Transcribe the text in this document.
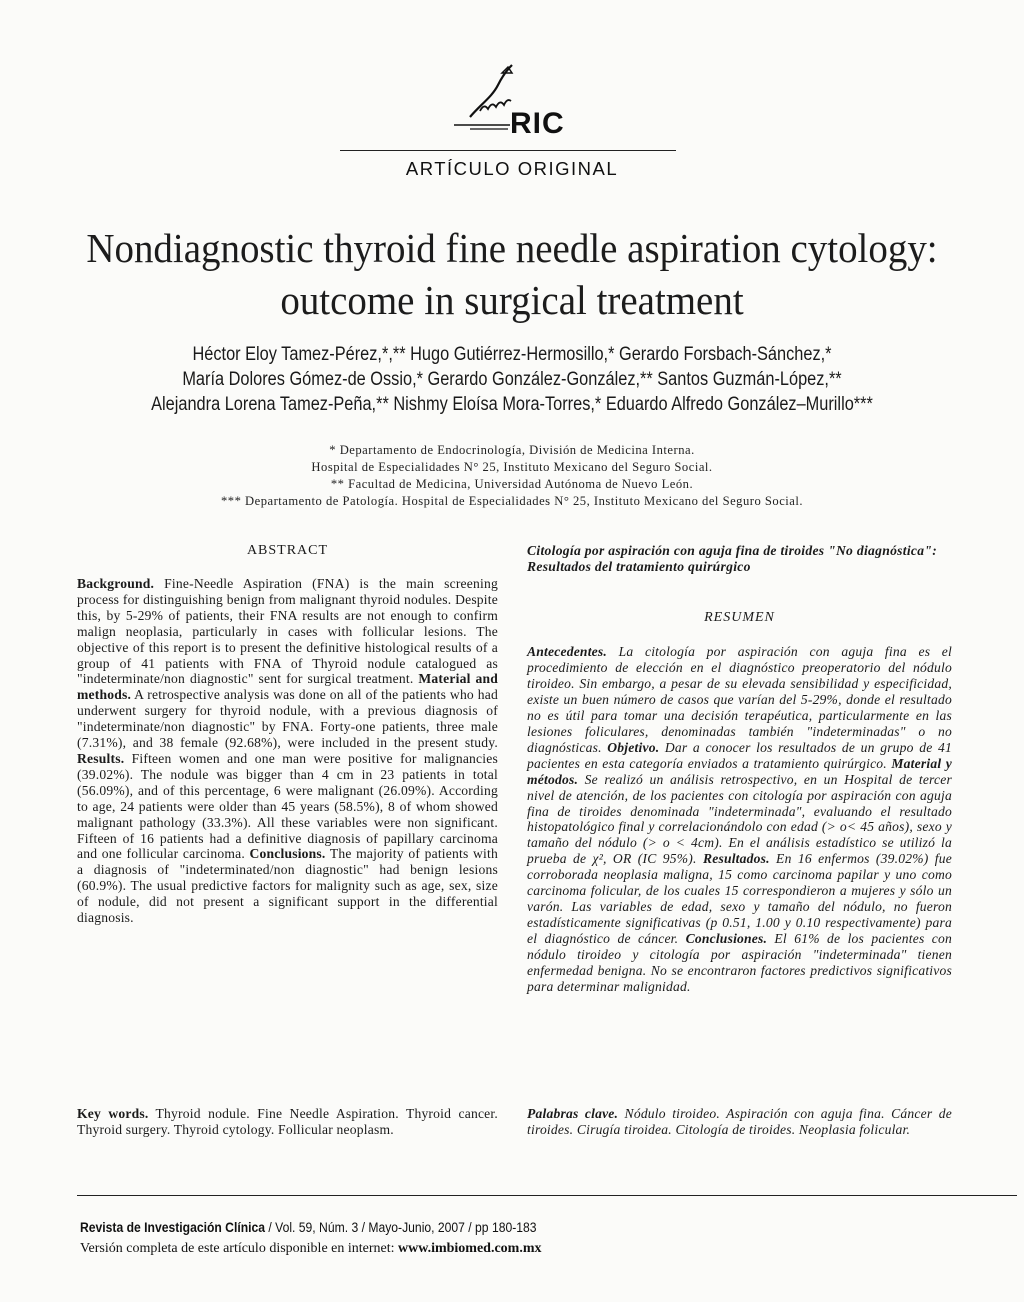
RIC
ARTÍCULO ORIGINAL
Nondiagnostic thyroid fine needle aspiration cytology:
outcome in surgical treatment
Héctor Eloy Tamez-Pérez,*,** Hugo Gutiérrez-Hermosillo,* Gerardo Forsbach-Sánchez,*
María Dolores Gómez-de Ossio,* Gerardo González-González,** Santos Guzmán-López,**
Alejandra Lorena Tamez-Peña,** Nishmy Eloísa Mora-Torres,* Eduardo Alfredo González–Murillo***
* Departamento de Endocrinología, División de Medicina Interna.
Hospital de Especialidades N° 25, Instituto Mexicano del Seguro Social.
** Facultad de Medicina, Universidad Autónoma de Nuevo León.
*** Departamento de Patología. Hospital de Especialidades N° 25, Instituto Mexicano del Seguro Social.
ABSTRACT
Background. Fine-Needle Aspiration (FNA) is the main screening process for distinguishing benign from malignant thyroid nodules. Despite this, by 5-29% of patients, their FNA results are not enough to confirm malign neoplasia, particularly in cases with follicular lesions. The objective of this report is to present the definitive histological results of a group of 41 patients with FNA of Thyroid nodule catalogued as "indeterminate/non diagnostic" sent for surgical treatment. Material and methods. A retrospective analysis was done on all of the patients who had underwent surgery for thyroid nodule, with a previous diagnosis of "indeterminate/non diagnostic" by FNA. Forty-one patients, three male (7.31%), and 38 female (92.68%), were included in the present study. Results. Fifteen women and one man were positive for malignancies (39.02%). The nodule was bigger than 4 cm in 23 patients in total (56.09%), and of this percentage, 6 were malignant (26.09%). According to age, 24 patients were older than 45 years (58.5%), 8 of whom showed malignant pathology (33.3%). All these variables were non significant. Fifteen of 16 patients had a definitive diagnosis of papillary carcinoma and one follicular carcinoma. Conclusions. The majority of patients with a diagnosis of "indeterminated/non diagnostic" had benign lesions (60.9%). The usual predictive factors for malignity such as age, sex, size of nodule, did not present a significant support in the differential diagnosis.
Citología por aspiración con aguja fina de tiroides "No diagnóstica": Resultados del tratamiento quirúrgico
RESUMEN
Antecedentes. La citología por aspiración con aguja fina es el procedimiento de elección en el diagnóstico preoperatorio del nódulo tiroideo. Sin embargo, a pesar de su elevada sensibilidad y especificidad, existe un buen número de casos que varían del 5-29%, donde el resultado no es útil para tomar una decisión terapéutica, particularmente en las lesiones foliculares, denominadas también "indeterminadas" o no diagnósticas. Objetivo. Dar a conocer los resultados de un grupo de 41 pacientes en esta categoría enviados a tratamiento quirúrgico. Material y métodos. Se realizó un análisis retrospectivo, en un Hospital de tercer nivel de atención, de los pacientes con citología por aspiración con aguja fina de tiroides denominada "indeterminada", evaluando el resultado histopatológico final y correlacionándolo con edad (> o< 45 años), sexo y tamaño del nódulo (> o < 4cm). En el análisis estadístico se utilizó la prueba de χ², OR (IC 95%). Resultados. En 16 enfermos (39.02%) fue corroborada neoplasia maligna, 15 como carcinoma papilar y uno como carcinoma folicular, de los cuales 15 correspondieron a mujeres y sólo un varón. Las variables de edad, sexo y tamaño del nódulo, no fueron estadísticamente significativas (p 0.51, 1.00 y 0.10 respectivamente) para el diagnóstico de cáncer. Conclusiones. El 61% de los pacientes con nódulo tiroideo y citología por aspiración "indeterminada" tienen enfermedad benigna. No se encontraron factores predictivos significativos para determinar malignidad.
Key words. Thyroid nodule. Fine Needle Aspiration. Thyroid cancer. Thyroid surgery. Thyroid cytology. Follicular neoplasm.
Palabras clave. Nódulo tiroideo. Aspiración con aguja fina. Cáncer de tiroides. Cirugía tiroidea. Citología de tiroides. Neoplasia folicular.
Revista de Investigación Clínica / Vol. 59, Núm. 3 / Mayo-Junio, 2007 / pp 180-183
Versión completa de este artículo disponible en internet: www.imbiomed.com.mx
